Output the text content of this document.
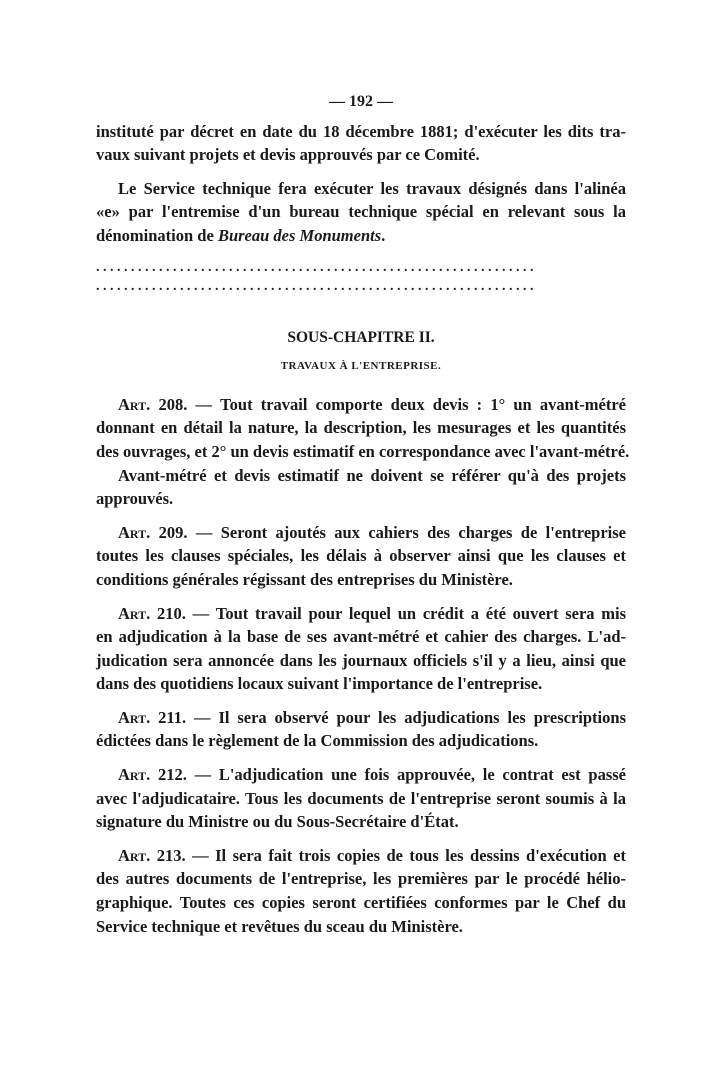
— 192 —
instituté par décret en date du 18 décembre 1881; d'exécuter les dits tra-
vaux suivant projets et devis approuvés par ce Comité.
Le Service technique fera exécuter les travaux désignés dans l'alinéa
«e» par l'entremise d'un bureau technique spécial en relevant sous la
dénomination de Bureau des Monuments.
. . . . . . . . . . . . . . . . . . . . . . . . . . . . . . . . . . . . . . . . . . . . . . . . . . . . . . . . . . . . . . .
. . . . . . . . . . . . . . . . . . . . . . . . . . . . . . . . . . . . . . . . . . . . . . . . . . . . . . . . . . . . . . .
SOUS-CHAPITRE II.
TRAVAUX À L'ENTREPRISE.
Art. 208. — Tout travail comporte deux devis : 1° un avant-métré
donnant en détail la nature, la description, les mesurages et les quantités
des ouvrages, et 2° un devis estimatif en correspondance avec l'avant-métré.
Avant-métré et devis estimatif ne doivent se référer qu'à des projets
approuvés.
Art. 209. — Seront ajoutés aux cahiers des charges de l'entreprise
toutes les clauses spéciales, les délais à observer ainsi que les clauses et
conditions générales régissant des entreprises du Ministère.
Art. 210. — Tout travail pour lequel un crédit a été ouvert sera mis
en adjudication à la base de ses avant-métré et cahier des charges. L'ad-
judication sera annoncée dans les journaux officiels s'il y a lieu, ainsi que
dans des quotidiens locaux suivant l'importance de l'entreprise.
Art. 211. — Il sera observé pour les adjudications les prescriptions
édictées dans le règlement de la Commission des adjudications.
Art. 212. — L'adjudication une fois approuvée, le contrat est passé
avec l'adjudicataire. Tous les documents de l'entreprise seront soumis à la
signature du Ministre ou du Sous-Secrétaire d'État.
Art. 213. — Il sera fait trois copies de tous les dessins d'exécution et
des autres documents de l'entreprise, les premières par le procédé hélio-
graphique. Toutes ces copies seront certifiées conformes par le Chef du
Service technique et revêtues du sceau du Ministère.
